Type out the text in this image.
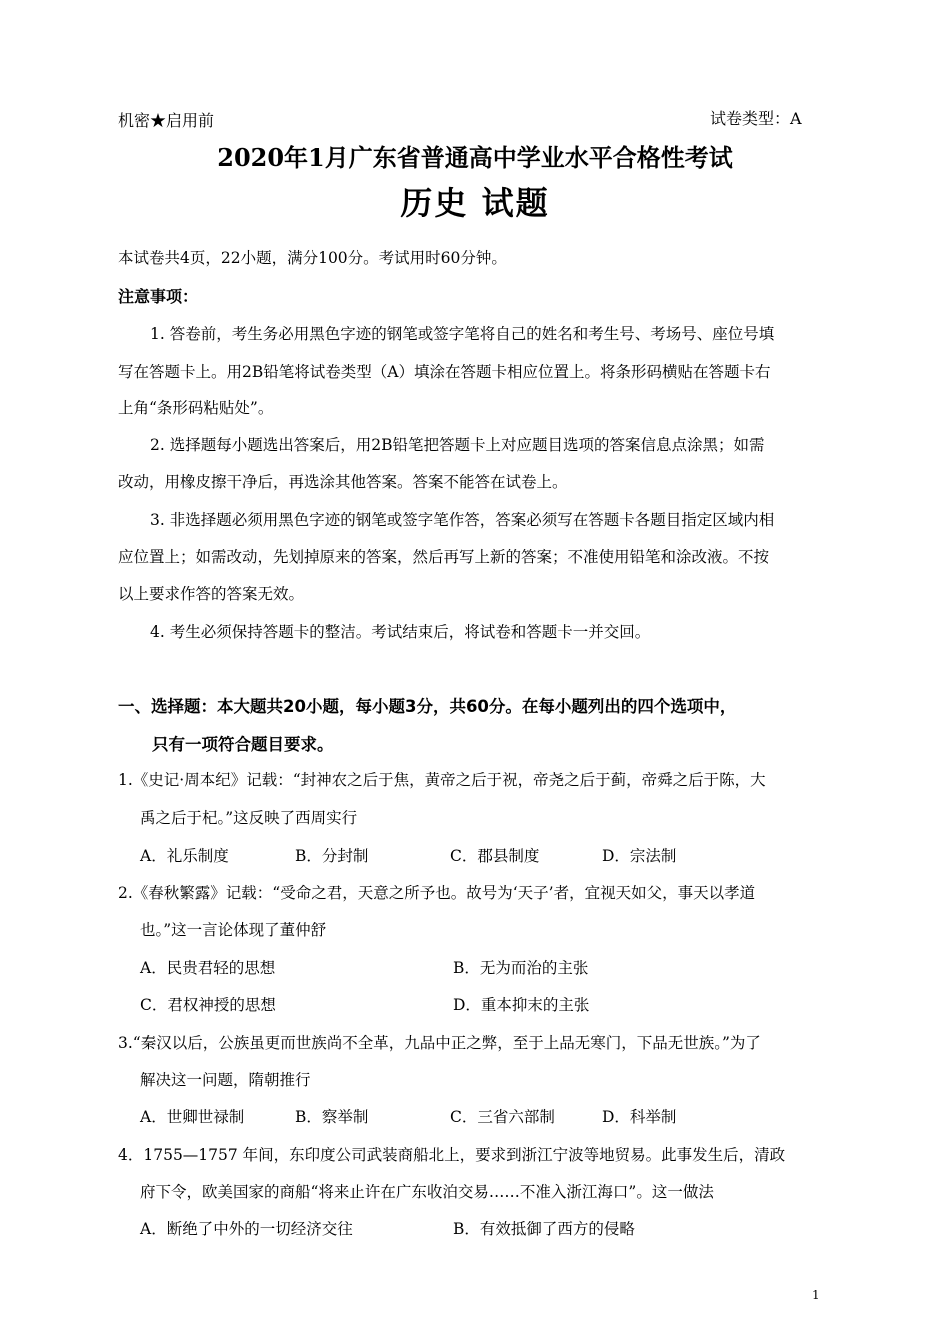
机密★启用前	试卷类型：A
2020年1月广东省普通高中学业水平合格性考试
历史 试题
本试卷共4页，22小题，满分100分。考试用时60分钟。
注意事项：
1. 答卷前，考生务必用黑色字迹的钢笔或签字笔将自己的姓名和考生号、考场号、座位号填
写在答题卡上。用2B铅笔将试卷类型（A）填涂在答题卡相应位置上。将条形码横贴在答题卡右
上角“条形码粘贴处”。
2. 选择题每小题选出答案后，用2B铅笔把答题卡上对应题目选项的答案信息点涂黑；如需
改动，用橡皮擦干净后，再选涂其他答案。答案不能答在试卷上。
3. 非选择题必须用黑色字迹的钢笔或签字笔作答，答案必须写在答题卡各题目指定区域内相
应位置上；如需改动，先划掉原来的答案，然后再写上新的答案；不准使用铅笔和涂改液。不按
以上要求作答的答案无效。
4. 考生必须保持答题卡的整洁。考试结束后，将试卷和答题卡一并交回。
一、选择题：本大题共20小题，每小题3分，共60分。在每小题列出的四个选项中，
只有一项符合题目要求。
1.《史记·周本纪》记载：“封神农之后于焦，黄帝之后于祝，帝尧之后于蓟，帝舜之后于陈，大
禹之后于杞。”这反映了西周实行
A．礼乐制度	B．分封制	C．郡县制度	D．宗法制
2.《春秋繁露》记载：“受命之君，天意之所予也。故号为‘天子’者，宜视天如父，事天以孝道
也。”这一言论体现了董仲舒
A．民贵君轻的思想	B．无为而治的主张
C．君权神授的思想	D．重本抑末的主张
3.“秦汉以后，公族虽更而世族尚不全革，九品中正之弊，至于上品无寒门，下品无世族。”为了
解决这一问题，隋朝推行
A．世卿世禄制	B．察举制	C．三省六部制	D．科举制
4．1755—1757 年间，东印度公司武装商船北上，要求到浙江宁波等地贸易。此事发生后，清政
府下令，欧美国家的商船“将来止许在广东收泊交易……不准入浙江海口”。这一做法
A．断绝了中外的一切经济交往	B．有效抵御了西方的侵略
1
